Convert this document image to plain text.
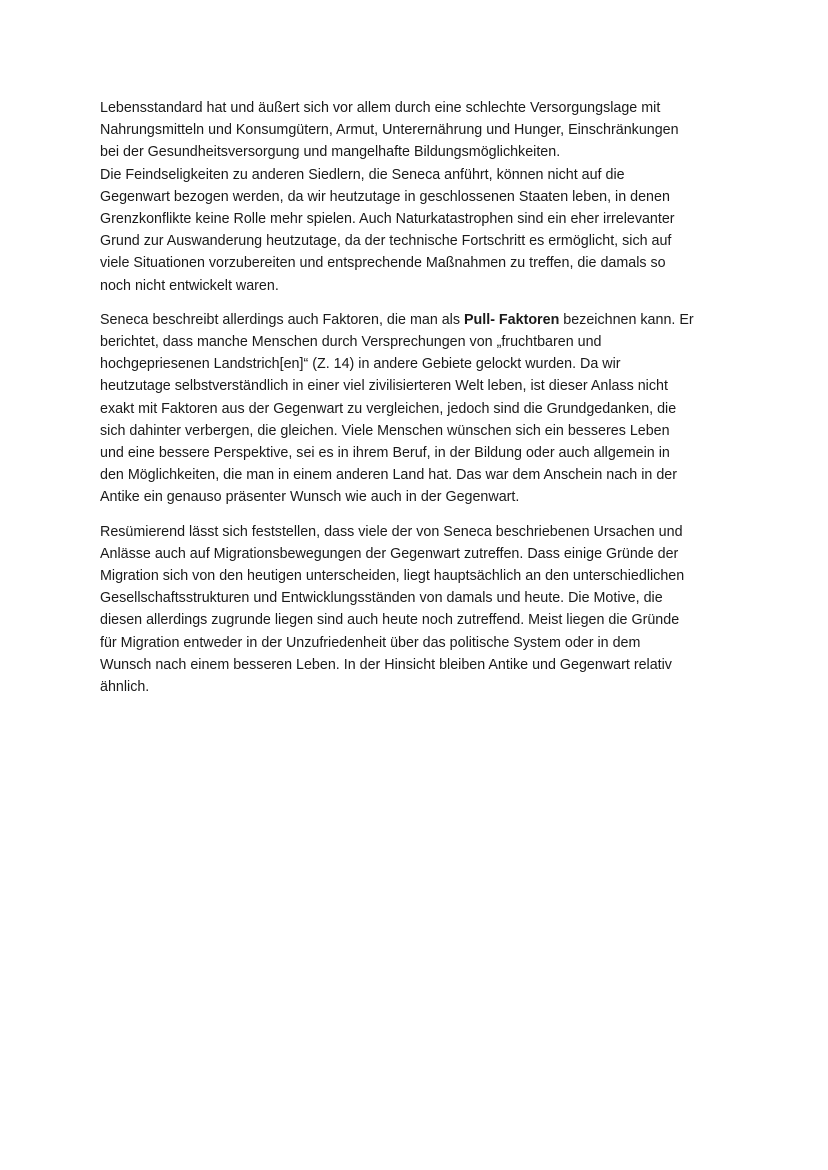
Lebensstandard hat und äußert sich vor allem durch eine schlechte Versorgungslage mit
Nahrungsmitteln und Konsumgütern, Armut, Unterernährung und Hunger, Einschränkungen
bei der Gesundheitsversorgung und mangelhafte Bildungsmöglichkeiten.

Die Feindseligkeiten zu anderen Siedlern, die Seneca anführt, können nicht auf die
Gegenwart bezogen werden, da wir heutzutage in geschlossenen Staaten leben, in denen
Grenzkonflikte keine Rolle mehr spielen. Auch Naturkatastrophen sind ein eher irrelevanter
Grund zur Auswanderung heutzutage, da der technische Fortschritt es ermöglicht, sich auf
viele Situationen vorzubereiten und entsprechende Maßnahmen zu treffen, die damals so
noch nicht entwickelt waren.

Seneca beschreibt allerdings auch Faktoren, die man als Pull- Faktoren bezeichnen kann. Er
berichtet, dass manche Menschen durch Versprechungen von „fruchtbaren und
hochgepriesenen Landstrich[en]“ (Z. 14) in andere Gebiete gelockt wurden. Da wir
heutzutage selbstverständlich in einer viel zivilisierteren Welt leben, ist dieser Anlass nicht
exakt mit Faktoren aus der Gegenwart zu vergleichen, jedoch sind die Grundgedanken, die
sich dahinter verbergen, die gleichen. Viele Menschen wünschen sich ein besseres Leben
und eine bessere Perspektive, sei es in ihrem Beruf, in der Bildung oder auch allgemein in
den Möglichkeiten, die man in einem anderen Land hat. Das war dem Anschein nach in der
Antike ein genauso präsenter Wunsch wie auch in der Gegenwart.

Resümierend lässt sich feststellen, dass viele der von Seneca beschriebenen Ursachen und
Anlässe auch auf Migrationsbewegungen der Gegenwart zutreffen. Dass einige Gründe der
Migration sich von den heutigen unterscheiden, liegt hauptsächlich an den unterschiedlichen
Gesellschaftsstrukturen und Entwicklungsständen von damals und heute. Die Motive, die
diesen allerdings zugrunde liegen sind auch heute noch zutreffend. Meist liegen die Gründe
für Migration entweder in der Unzufriedenheit über das politische System oder in dem
Wunsch nach einem besseren Leben. In der Hinsicht bleiben Antike und Gegenwart relativ
ähnlich.
